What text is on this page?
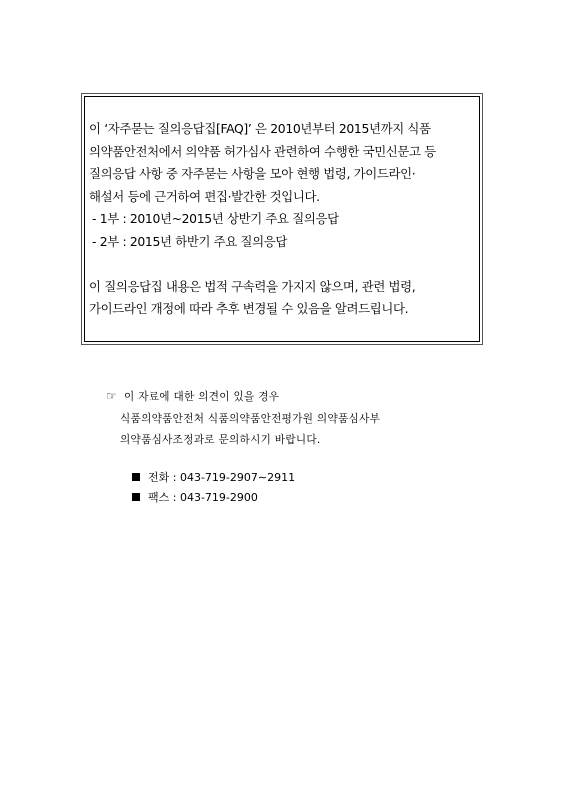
이 ‘자주묻는 질의응답집[FAQ]’ 은 2010년부터 2015년까지 식품
의약품안전처에서 의약품 허가심사 관련하여 수행한 국민신문고 등
질의응답 사항 중 자주묻는 사항을 모아 현행 법령, 가이드라인·
해설서 등에 근거하여 편집·발간한 것입니다.
- 1부 : 2010년~2015년 상반기 주요 질의응답
- 2부 : 2015년 하반기 주요 질의응답
이 질의응답집 내용은 법적 구속력을 가지지 않으며, 관련 법령,
가이드라인 개정에 따라 추후 변경될 수 있음을 알려드립니다.
☞ 이 자료에 대한 의견이 있을 경우
식품의약품안전처 식품의약품안전평가원 의약품심사부
의약품심사조정과로 문의하시기 바랍니다.
전화 : 043-719-2907∼2911
팩스 : 043-719-2900
